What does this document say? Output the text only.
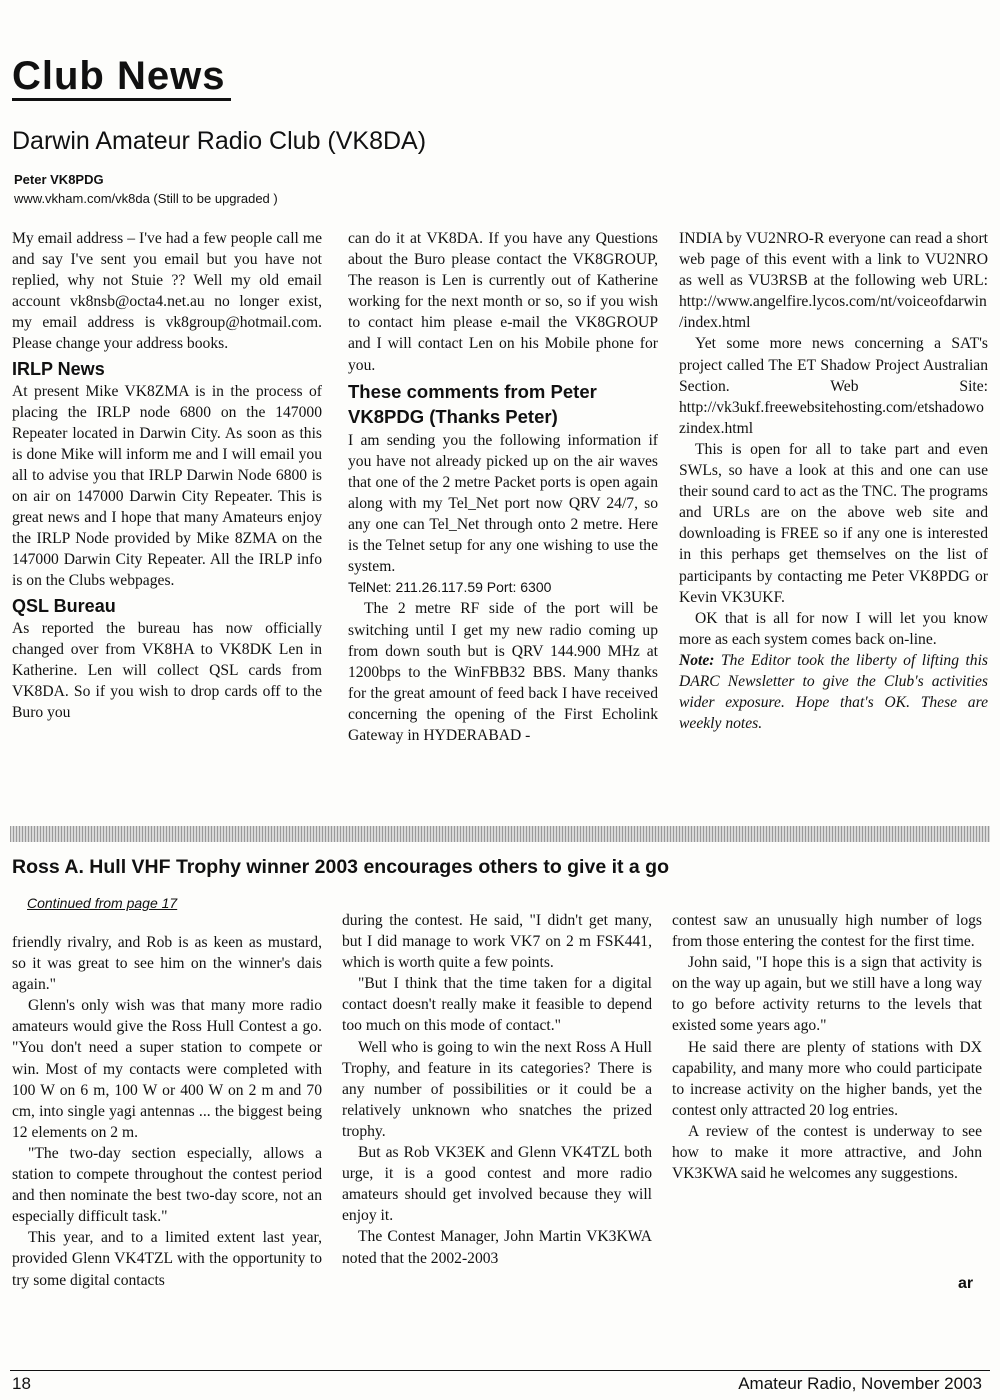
Club News
Darwin Amateur Radio Club (VK8DA)
Peter VK8PDG
www.vkham.com/vk8da (Still to be upgraded )

My email address – I've had a few people call me and say I've sent you email but you have not replied, why not Stuie ?? Well my old email account vk8nsb@octa4.net.au no longer exist, my email address is vk8group@hotmail.com. Please change your address books.

IRLP News

At present Mike VK8ZMA is in the process of placing the IRLP node 6800 on the 147000 Repeater located in Darwin City. As soon as this is done Mike will inform me and I will email you all to advise you that IRLP Darwin Node 6800 is on air on 147000 Darwin City Repeater. This is great news and I hope that many Amateurs enjoy the IRLP Node provided by Mike 8ZMA on the 147000 Darwin City Repeater. All the IRLP info is on the Clubs webpages.

QSL Bureau

As reported the bureau has now officially changed over from VK8HA to VK8DK Len in Katherine. Len will collect QSL cards from VK8DA. So if you wish to drop cards off to the Buro you

can do it at VK8DA. If you have any Questions about the Buro please contact the VK8GROUP, The reason is Len is currently out of Katherine working for the next month or so, so if you wish to contact him please e-mail the VK8GROUP and I will contact Len on his Mobile phone for you.

These comments from Peter VK8PDG (Thanks Peter)

I am sending you the following information if you have not already picked up on the air waves that one of the 2 metre Packet ports is open again along with my Tel_Net port now QRV 24/7, so any one can Tel_Net through onto 2 metre. Here is the Telnet setup for any one wishing to use the system.

TelNet: 211.26.117.59 Port: 6300

The 2 metre RF side of the port will be switching until I get my new radio coming up from down south but is QRV 144.900 MHz at 1200bps to the WinFBB32 BBS. Many thanks for the great amount of feed back I have received concerning the opening of the First Echolink Gateway in HYDERABAD -

INDIA by VU2NRO-R everyone can read a short web page of this event with a link to VU2NRO as well as VU3RSB at the following web URL: http://www.angelfire.lycos.com/nt/voiceofdarwin/index.html

Yet some more news concerning a SAT's project called The ET Shadow Project Australian Section. Web Site: http://vk3ukf.freewebsitehosting.com/etshadowozindex.html

This is open for all to take part and even SWLs, so have a look at this and one can use their sound card to act as the TNC. The programs and URLs are on the above web site and downloading is FREE so if any one is interested in this perhaps get themselves on the list of participants by contacting me Peter VK8PDG or Kevin VK3UKF.

OK that is all for now I will let you know more as each system comes back on-line.

Note: The Editor took the liberty of lifting this DARC Newsletter to give the Club's activities wider exposure. Hope that's OK. These are weekly notes.

Ross A. Hull VHF Trophy winner 2003 encourages others to give it a go
Continued from page 17

friendly rivalry, and Rob is as keen as mustard, so it was great to see him on the winner's dais again."

Glenn's only wish was that many more radio amateurs would give the Ross Hull Contest a go. "You don't need a super station to compete or win. Most of my contacts were completed with 100 W on 6 m, 100 W or 400 W on 2 m and 70 cm, into single yagi antennas ... the biggest being 12 elements on 2 m.

"The two-day section especially, allows a station to compete throughout the contest period and then nominate the best two-day score, not an especially difficult task."

This year, and to a limited extent last year, provided Glenn VK4TZL with the opportunity to try some digital contacts

during the contest. He said, "I didn't get many, but I did manage to work VK7 on 2 m FSK441, which is worth quite a few points.

"But I think that the time taken for a digital contact doesn't really make it feasible to depend too much on this mode of contact."

Well who is going to win the next Ross A Hull Trophy, and feature in its categories? There is any number of possibilities or it could be a relatively unknown who snatches the prized trophy.

But as Rob VK3EK and Glenn VK4TZL both urge, it is a good contest and more radio amateurs should get involved because they will enjoy it.

The Contest Manager, John Martin VK3KWA noted that the 2002-2003

contest saw an unusually high number of logs from those entering the contest for the first time.

John said, "I hope this is a sign that activity is on the way up again, but we still have a long way to go before activity returns to the levels that existed some years ago."

He said there are plenty of stations with DX capability, and many more who could participate to increase activity on the higher bands, yet the contest only attracted 20 log entries.

A review of the contest is underway to see how to make it more attractive, and John VK3KWA said he welcomes any suggestions.

ar
18	Amateur Radio, November 2003
